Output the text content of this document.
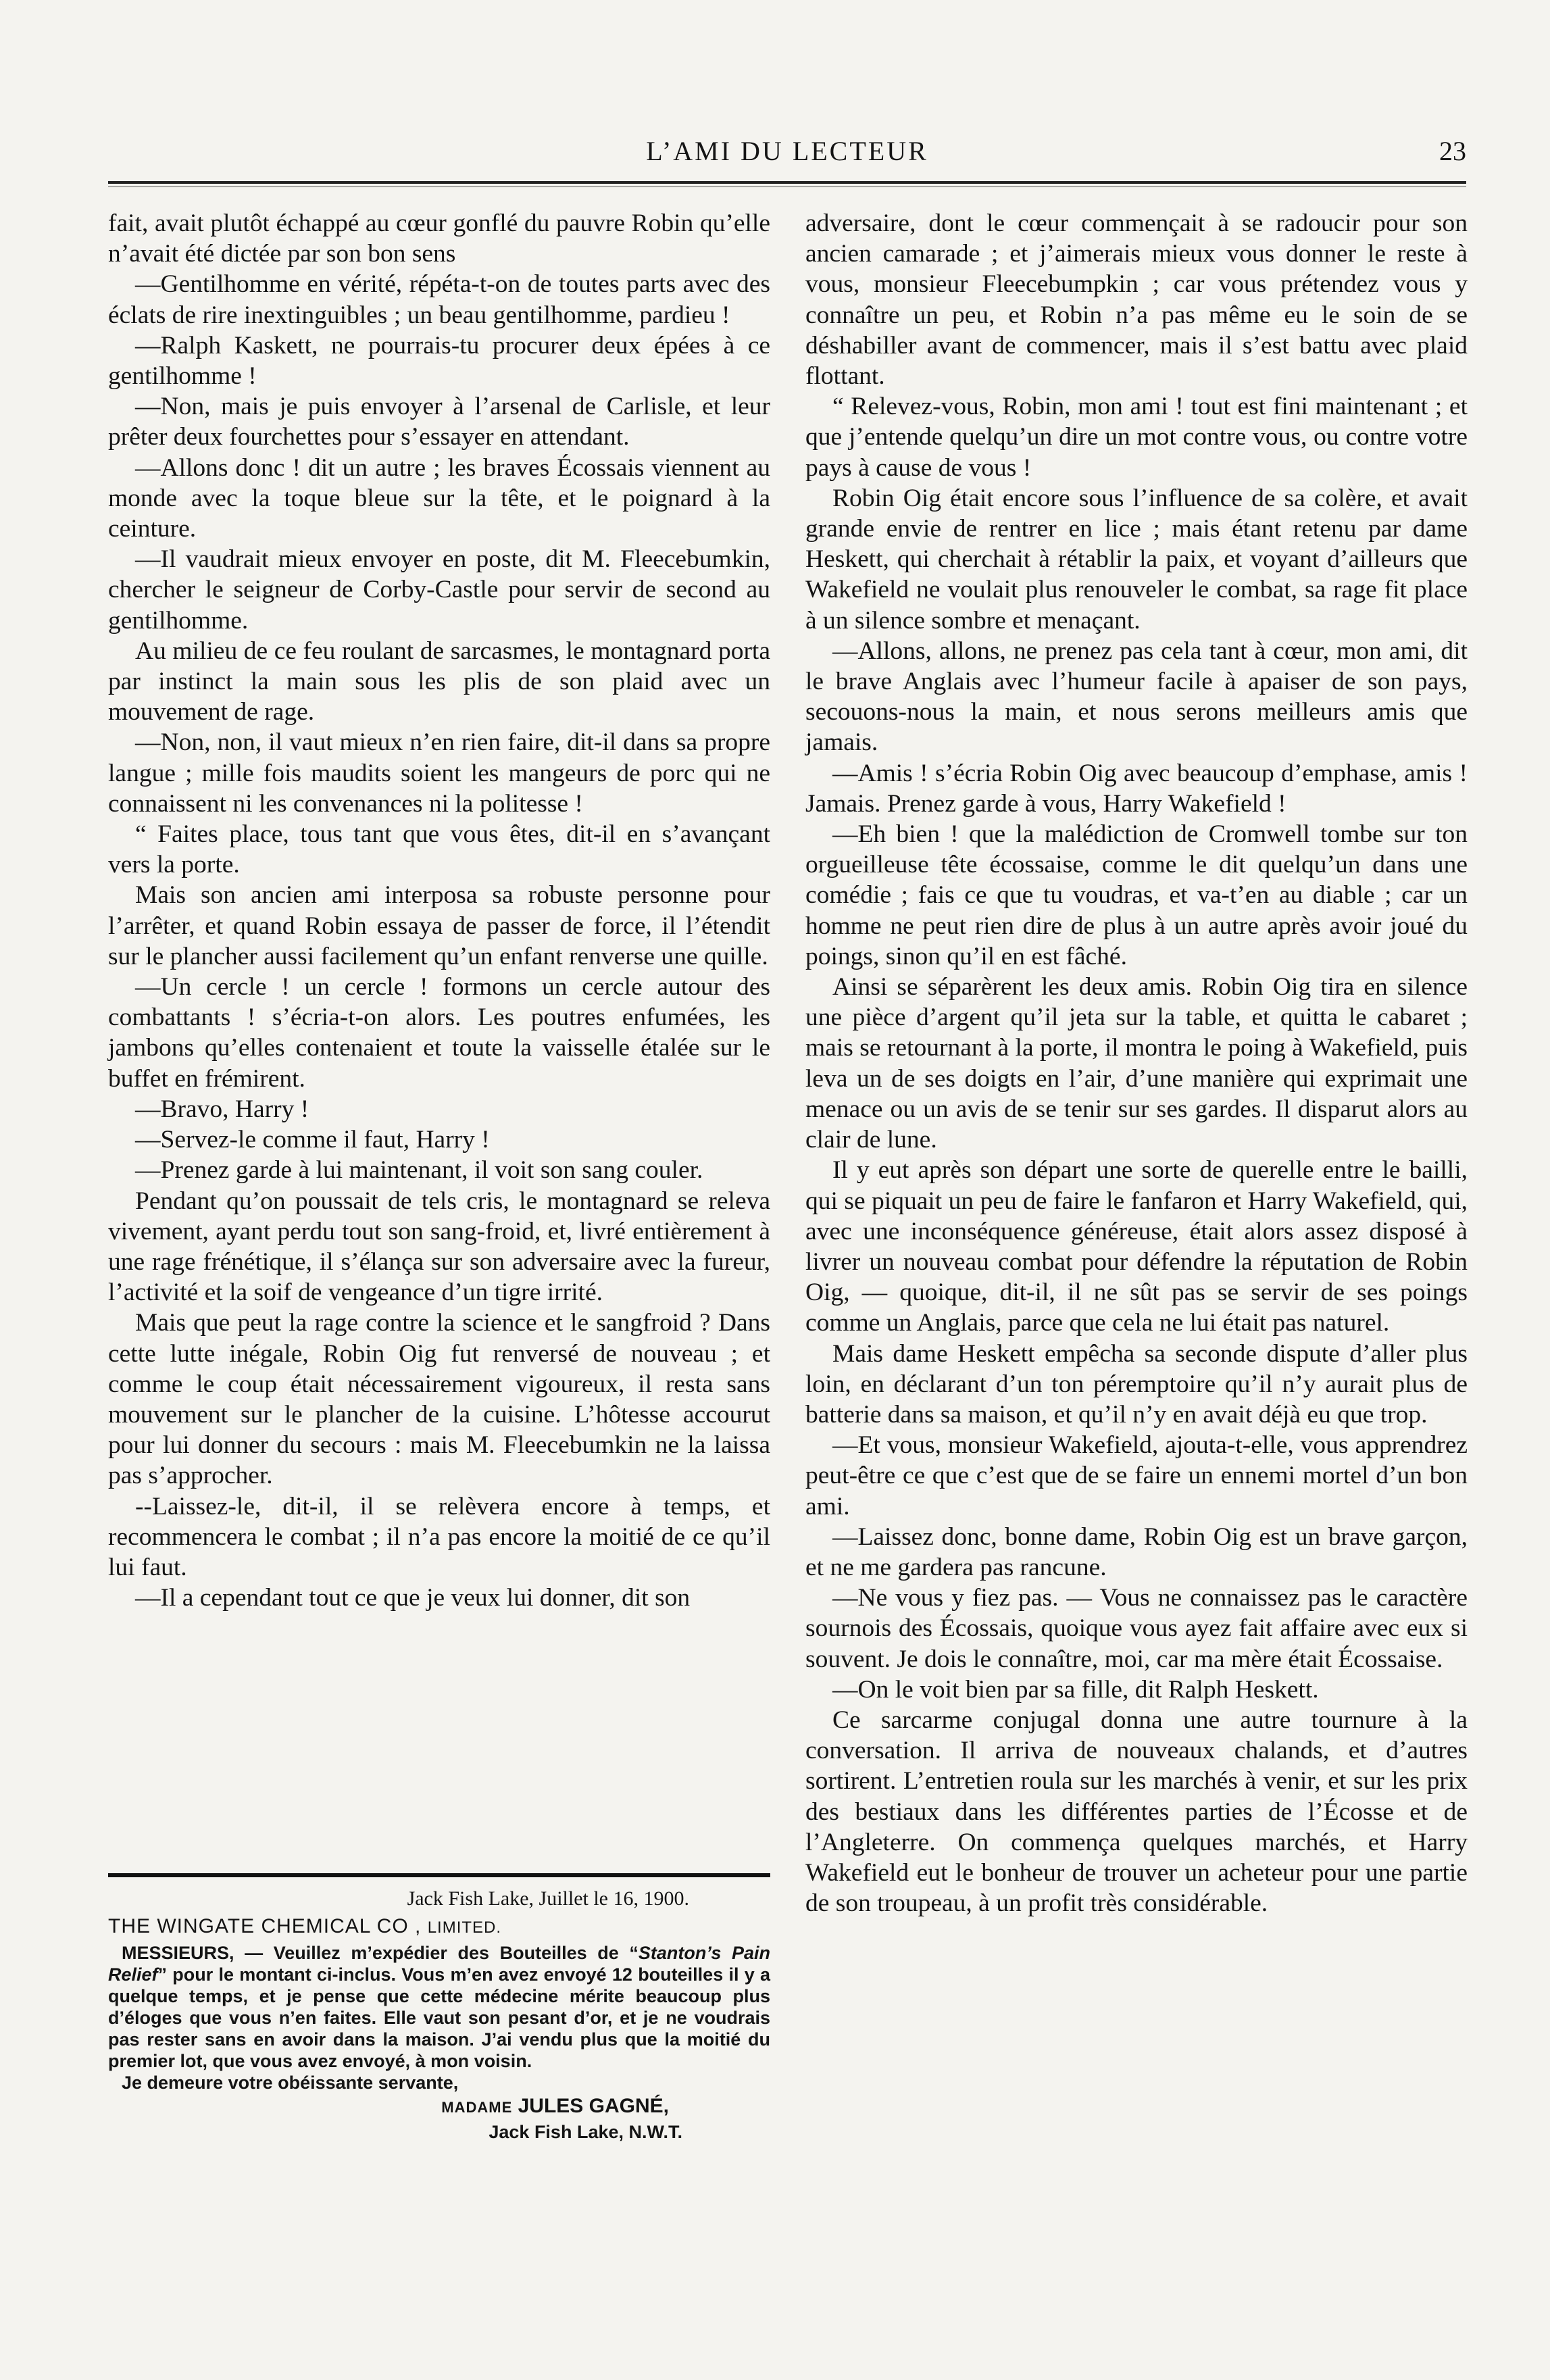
L’AMI DU LECTEUR	23

fait, avait plutôt échappé au cœur gonflé du pauvre Robin qu’elle n’avait été dictée par son bon sens

—Gentilhomme en vérité, répéta-t-on de toutes parts avec des éclats de rire inextinguibles ; un beau gentilhomme, pardieu !

—Ralph Kaskett, ne pourrais-tu procurer deux épées à ce gentilhomme !

—Non, mais je puis envoyer à l’arsenal de Carlisle, et leur prêter deux fourchettes pour s’essayer en attendant.

—Allons donc ! dit un autre ; les braves Écossais viennent au monde avec la toque bleue sur la tête, et le poignard à la ceinture.

—Il vaudrait mieux envoyer en poste, dit M. Fleecebumkin, chercher le seigneur de Corby-Castle pour servir de second au gentilhomme.

Au milieu de ce feu roulant de sarcasmes, le montagnard porta par instinct la main sous les plis de son plaid avec un mouvement de rage.

—Non, non, il vaut mieux n’en rien faire, dit-il dans sa propre langue ; mille fois maudits soient les mangeurs de porc qui ne connaissent ni les convenances ni la politesse !

“ Faites place, tous tant que vous êtes, dit-il en s’avançant vers la porte.

Mais son ancien ami interposa sa robuste personne pour l’arrêter, et quand Robin essaya de passer de force, il l’étendit sur le plancher aussi facilement qu’un enfant renverse une quille.

—Un cercle ! un cercle ! formons un cercle autour des combattants ! s’écria-t-on alors. Les poutres enfumées, les jambons qu’elles contenaient et toute la vaisselle étalée sur le buffet en frémirent.

—Bravo, Harry !

—Servez-le comme il faut, Harry !

—Prenez garde à lui maintenant, il voit son sang couler.

Pendant qu’on poussait de tels cris, le montagnard se releva vivement, ayant perdu tout son sang-froid, et, livré entièrement à une rage frénétique, il s’élança sur son adversaire avec la fureur, l’activité et la soif de vengeance d’un tigre irrité.

Mais que peut la rage contre la science et le sangfroid ? Dans cette lutte inégale, Robin Oig fut renversé de nouveau ; et comme le coup était nécessairement vigoureux, il resta sans mouvement sur le plancher de la cuisine. L’hôtesse accourut pour lui donner du secours : mais M. Fleecebumkin ne la laissa pas s’approcher.

--Laissez-le, dit-il, il se relèvera encore à temps, et recommencera le combat ; il n’a pas encore la moitié de ce qu’il lui faut.

—Il a cependant tout ce que je veux lui donner, dit son

Jack Fish Lake, Juillet le 16, 1900.
THE WINGATE CHEMICAL CO , LIMITED.

MESSIEURS, — Veuillez m’expédier des Bouteilles de “Stanton’s Pain Relief” pour le montant ci-inclus. Vous m’en avez envoyé 12 bouteilles il y a quelque temps, et je pense que cette médecine mérite beaucoup plus d’éloges que vous n’en faites. Elle vaut son pesant d’or, et je ne voudrais pas rester sans en avoir dans la maison. J’ai vendu plus que la moitié du premier lot, que vous avez envoyé, à mon voisin.

Je demeure votre obéissante servante,

MADAME JULES GAGNÉ,
Jack Fish Lake, N.W.T.

adversaire, dont le cœur commençait à se radoucir pour son ancien camarade ; et j’aimerais mieux vous donner le reste à vous, monsieur Fleecebumpkin ; car vous prétendez vous y connaître un peu, et Robin n’a pas même eu le soin de se déshabiller avant de commencer, mais il s’est battu avec plaid flottant.

“ Relevez-vous, Robin, mon ami ! tout est fini maintenant ; et que j’entende quelqu’un dire un mot contre vous, ou contre votre pays à cause de vous !

Robin Oig était encore sous l’influence de sa colère, et avait grande envie de rentrer en lice ; mais étant retenu par dame Heskett, qui cherchait à rétablir la paix, et voyant d’ailleurs que Wakefield ne voulait plus renouveler le combat, sa rage fit place à un silence sombre et menaçant.

—Allons, allons, ne prenez pas cela tant à cœur, mon ami, dit le brave Anglais avec l’humeur facile à apaiser de son pays, secouons-nous la main, et nous serons meilleurs amis que jamais.

—Amis ! s’écria Robin Oig avec beaucoup d’emphase, amis ! Jamais. Prenez garde à vous, Harry Wakefield !

—Eh bien ! que la malédiction de Cromwell tombe sur ton orgueilleuse tête écossaise, comme le dit quelqu’un dans une comédie ; fais ce que tu voudras, et va-t’en au diable ; car un homme ne peut rien dire de plus à un autre après avoir joué du poings, sinon qu’il en est fâché.

Ainsi se séparèrent les deux amis. Robin Oig tira en silence une pièce d’argent qu’il jeta sur la table, et quitta le cabaret ; mais se retournant à la porte, il montra le poing à Wakefield, puis leva un de ses doigts en l’air, d’une manière qui exprimait une menace ou un avis de se tenir sur ses gardes. Il disparut alors au clair de lune.

Il y eut après son départ une sorte de querelle entre le bailli, qui se piquait un peu de faire le fanfaron et Harry Wakefield, qui, avec une inconséquence généreuse, était alors assez disposé à livrer un nouveau combat pour défendre la réputation de Robin Oig, — quoique, dit-il, il ne sût pas se servir de ses poings comme un Anglais, parce que cela ne lui était pas naturel.

Mais dame Heskett empêcha sa seconde dispute d’aller plus loin, en déclarant d’un ton péremptoire qu’il n’y aurait plus de batterie dans sa maison, et qu’il n’y en avait déjà eu que trop.

—Et vous, monsieur Wakefield, ajouta-t-elle, vous apprendrez peut-être ce que c’est que de se faire un ennemi mortel d’un bon ami.

—Laissez donc, bonne dame, Robin Oig est un brave garçon, et ne me gardera pas rancune.

—Ne vous y fiez pas. — Vous ne connaissez pas le caractère sournois des Écossais, quoique vous ayez fait affaire avec eux si souvent. Je dois le connaître, moi, car ma mère était Écossaise.

—On le voit bien par sa fille, dit Ralph Heskett.

Ce sarcarme conjugal donna une autre tournure à la conversation. Il arriva de nouveaux chalands, et d’autres sortirent. L’entretien roula sur les marchés à venir, et sur les prix des bestiaux dans les différentes parties de l’Écosse et de l’Angleterre. On commença quelques marchés, et Harry Wakefield eut le bonheur de trouver un acheteur pour une partie de son troupeau, à un profit très considérable.
